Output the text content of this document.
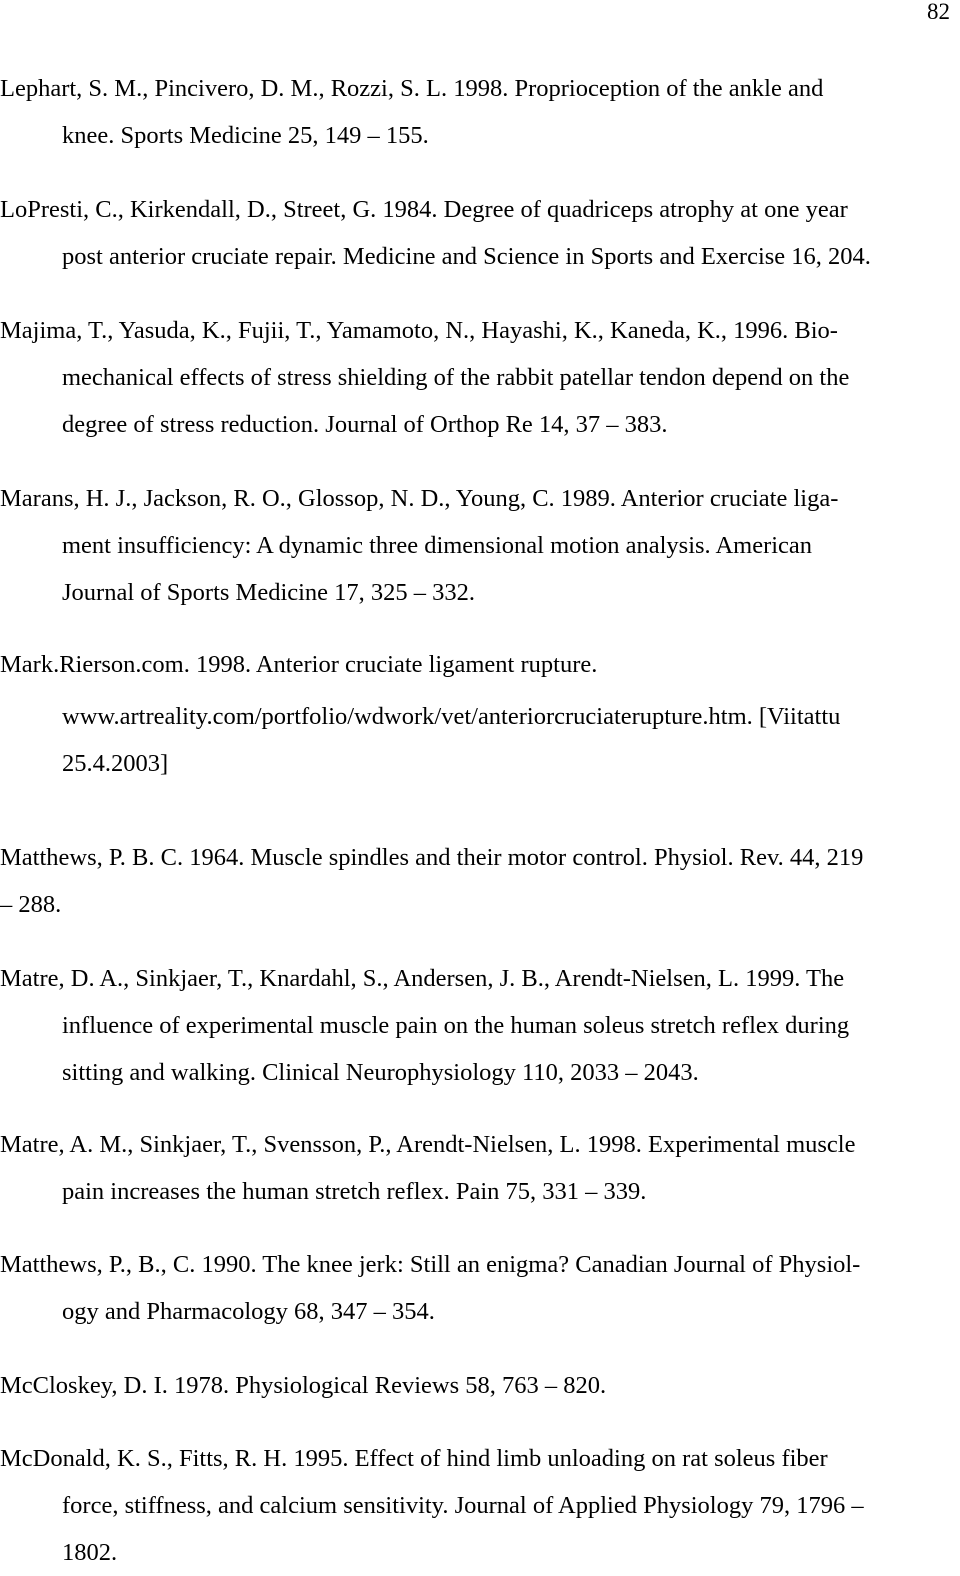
82
Lephart, S. M., Pincivero, D. M., Rozzi, S. L. 1998. Proprioception of the ankle and
knee. Sports Medicine 25, 149 – 155.
LoPresti, C., Kirkendall, D., Street, G. 1984. Degree of quadriceps atrophy at one year
post anterior cruciate repair. Medicine and Science in Sports and Exercise 16, 204.
Majima, T., Yasuda, K., Fujii, T., Yamamoto, N., Hayashi, K., Kaneda, K., 1996. Bio-
mechanical effects of stress shielding of the rabbit patellar tendon depend on the
degree of stress reduction. Journal of Orthop Re 14, 37 – 383.
Marans, H. J., Jackson, R. O., Glossop, N. D., Young, C. 1989. Anterior cruciate liga-
ment insufficiency: A dynamic three dimensional motion analysis. American
Journal of Sports Medicine 17, 325 – 332.
Mark.Rierson.com. 1998. Anterior cruciate ligament rupture.
www.artreality.com/portfolio/wdwork/vet/anteriorcruciaterupture.htm. [Viitattu
25.4.2003]
Matthews, P. B. C. 1964. Muscle spindles and their motor control. Physiol. Rev. 44, 219
– 288.
Matre, D. A., Sinkjaer, T., Knardahl, S., Andersen, J. B., Arendt-Nielsen, L. 1999. The
influence of experimental muscle pain on the human soleus stretch reflex during
sitting and walking. Clinical Neurophysiology 110, 2033 – 2043.
Matre, A. M., Sinkjaer, T., Svensson, P., Arendt-Nielsen, L. 1998. Experimental muscle
pain increases the human stretch reflex. Pain 75, 331 – 339.
Matthews, P., B., C. 1990. The knee jerk: Still an enigma? Canadian Journal of Physiol-
ogy and Pharmacology 68, 347 – 354.
McCloskey, D. I. 1978. Physiological Reviews 58, 763 – 820.
McDonald, K. S., Fitts, R. H. 1995. Effect of hind limb unloading on rat soleus fiber
force, stiffness, and calcium sensitivity. Journal of Applied Physiology 79, 1796 –
1802.
